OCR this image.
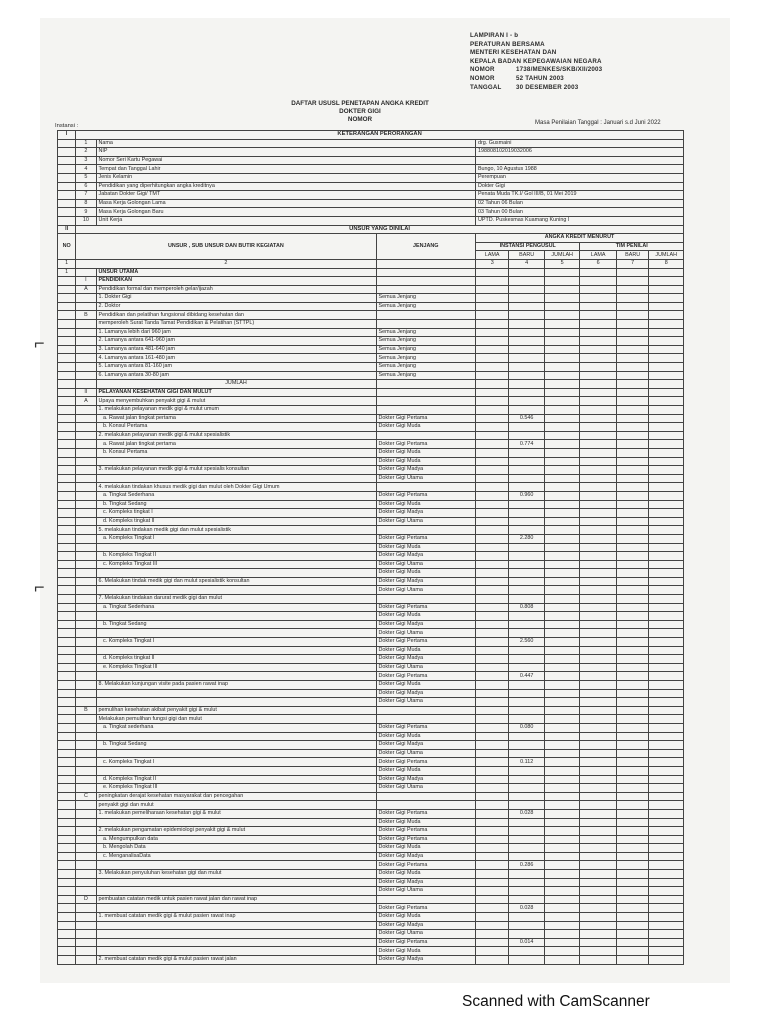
LAMPIRAN I - b
PERATURAN BERSAMA
MENTERI KESEHATAN DAN
KEPALA BADAN KEPEGAWAIAN NEGARA
NOMOR	1738/MENKES/SKB/XII/2003
NOMOR	52 TAHUN 2003
TANGGAL	30 DESEMBER 2003
DAFTAR USUSL PENETAPAN ANGKA KREDIT
DOKTER GIGI
NOMOR
Instansi :	Masa Penilaian Tanggal : Januari s.d Juni 2022
I	KETERANGAN PERORANGAN								
	1	Nama		drg. Gusmaini					
	2	NIP		198808102019032006					
	3	Nomor Seri Kartu Pegawai							
	4	Tempat dan Tanggal Lahir		Bungo, 10 Agustus 1988					
	5	Jenis Kelamin		Perempuan					
	6	Pendidikan yang diperhitungkan angka kreditnya		Dokter Gigi					
	7	Jabatan Dokter Gigi/ TMT		Penata Muda TK.I/ Gol III/B, 01 Mei 2019					
	8	Masa Kerja Golongan Lama		02 Tahun 06 Bulan					
	9	Masa Kerja Golongan Baru		03 Tahun 00 Bulan					
	10	Unit Kerja		UPTD. Puskesmas Kuamang Kuning I					
II	UNSUR YANG DINILAI								
NO	UNSUR , SUB UNSUR DAN BUTIR KEGIATAN		JENJANG	ANGKA KREDIT MENURUT					
				INSTANSI PENGUSUL			TIM PENILAI		
				LAMA	BARU	JUMLAH	LAMA	BARU	JUMLAH
1	2			3	4	5	6	7	8
1		UNSUR UTAMA							
	I	PENDIDIKAN							
	A	Pendidikan formal dan memperoleh gelar/ijazah							
		1. Dokter Gigi	Semua Jenjang						
		2. Doktor	Semua Jenjang						
	B	Pendidikan dan pelatihan fungsional dibidang kesehatan dan							
		memperoleh Surat Tanda Tamat Pendidikan & Pelatihan (STTPL)							
		1. Lamanya lebih dari 960 jam	Semua Jenjang						
		2. Lamanya antara 641-960 jam	Semua Jenjang						
		3. Lamanya antara 481-640 jam	Semua Jenjang						
		4. Lamanya antara 161-480 jam	Semua Jenjang						
		5. Lamanya antara 81-160 jam	Semua Jenjang						
		6. Lamanya antara 30-80 jam	Semua Jenjang						
		JUMLAH							
	II	PELAYANAN KESEHATAN GIGI DAN MULUT							
	A	Upaya menyembuhkan penyakit gigi & mulut							
		1. melakukan pelayanan medik gigi & mulut umum							
		a. Rawat jalan tingkat pertama	Dokter Gigi Pertama		0.546				
		b. Konsul Pertama	Dokter Gigi Muda						
		2. melakukan pelayanan medik gigi & mulut spesialistik							
		a. Rawat jalan tingkat pertama	Dokter Gigi Pertama		0.774				
		b. Konsul Pertama	Dokter Gigi Muda						
			Dokter Gigi Muda						
		3. melakukan pelayanan medik gigi & mulut spesialis konsultan	Dokter Gigi Madya						
			Dokter Gigi Utama						
		4. melakukan tindakan khusus medik gigi dan mulut oleh Dokter Gigi Umum							
		a. Tingkat Sederhana	Dokter Gigi Pertama		0.960				
		b. Tingkat Sedang	Dokter Gigi Muda						
		c. Kompleks tingkat I	Dokter Gigi Madya						
		d. Kompleks tingkat II	Dokter Gigi Utama						
		5. melakukan tindakan medik gigi dan mulut spesialistik							
		a. Kompleks Tingkat I	Dokter Gigi Pertama		2.280				
			Dokter Gigi Muda						
		b. Kompleks Tingkat II	Dokter Gigi Madya						
		c. Kompleks Tingkat III	Dokter Gigi Utama						
			Dokter Gigi Muda						
		6. Melakukan tindak medik gigi dan mulut spesialistik konsultan	Dokter Gigi Madya						
			Dokter Gigi Utama						
		7. Melakukan tindakan darurat medik gigi dan mulut							
		a. Tingkat Sederhana	Dokter Gigi Pertama		0.808				
			Dokter Gigi Muda						
		b. Tingkat Sedang	Dokter Gigi Madya						
			Dokter Gigi Utama						
		c. Kompleks Tingkat I	Dokter Gigi Pertama		2.560				
			Dokter Gigi Muda						
		d. Kompleks tingkat II	Dokter Gigi Madya						
		e. Kompleks Tingkat III	Dokter Gigi Utama						
			Dokter Gigi Pertama		0.447				
		8. Melakukan kunjungan visite pada pasien rawat inap	Dokter Gigi Muda						
			Dokter Gigi Madya						
			Dokter Gigi Utama						
	B	pemulihan kesehatan akibat penyakit gigi & mulut							
		Melakukan pemulihan fungsi gigi dan mulut							
		a. Tingkat sederhana	Dokter Gigi Pertama		0.080				
			Dokter Gigi Muda						
		b. Tingkat Sedang	Dokter Gigi Madya						
			Dokter Gigi Utama						
		c. Kompleks Tingkat I	Dokter Gigi Pertama		0.112				
			Dokter Gigi Muda						
		d. Kompleks Tingkat II	Dokter Gigi Madya						
		e. Kompleks Tingkat III	Dokter Gigi Utama						
	C	peningkatan derajat kesehatan masyarakat dan pencegahan							
		penyakit gigi dan mulut							
		1. melakukan pemeliharaan kesehatan gigi & mulut	Dokter Gigi Pertama		0.028				
			Dokter Gigi Muda						
		2. melakukan pengamatan epidemiologi penyakit gigi & mulut	Dokter Gigi Pertama						
		a. Mengumpulkan data	Dokter Gigi Pertama						
		b. Mengolah Data	Dokter Gigi Muda						
		c. MenganalisaData	Dokter Gigi Madya						
			Dokter Gigi Pertama		0.286				
		3. Melakukan penyuluhan kesehatan gigi dan mulut	Dokter Gigi Muda						
			Dokter Gigi Madya						
			Dokter Gigi Utama						
	D	pembuatan catatan medik untuk pasien rawat jalan dan rawat inap							
			Dokter Gigi Pertama		0.028				
		1. membuat catatan medik gigi & mulut pasien rawat inap	Dokter Gigi Muda						
			Dokter Gigi Madya						
			Dokter Gigi Utama						
			Dokter Gigi Pertama		0.014				
			Dokter Gigi Muda						
		2. membuat catatan medik gigi & mulut pasien rawat jalan	Dokter Gigi Madya						
⌐
⌐
Scanned with CamScanner
